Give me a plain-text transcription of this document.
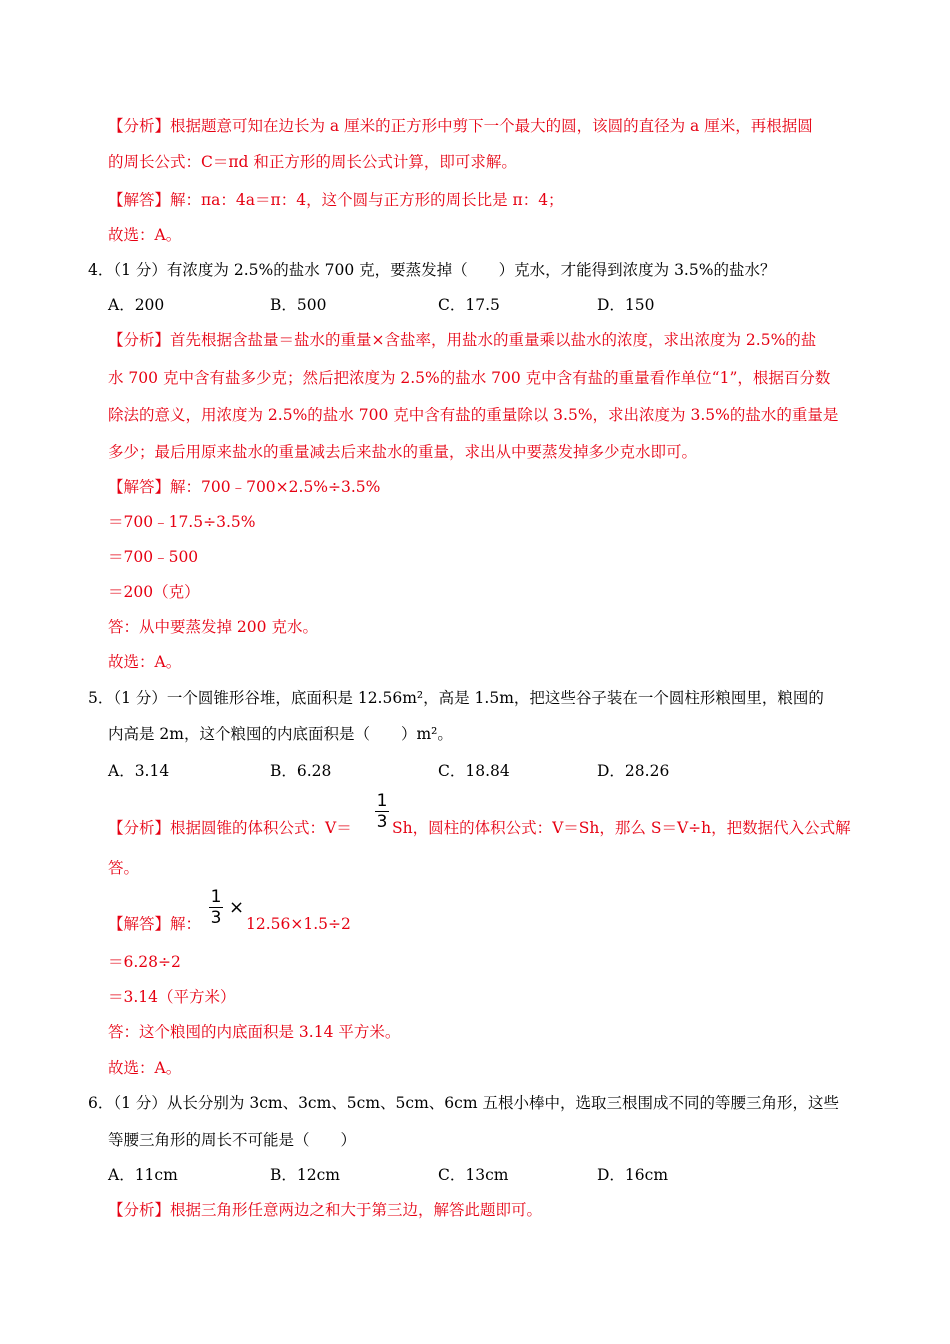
【分析】根据题意可知在边长为 a 厘米的正方形中剪下一个最大的圆，该圆的直径为 a 厘米，再根据圆
的周长公式：C＝πd 和正方形的周长公式计算，即可求解。
【解答】解：πa：4a＝π：4，这个圆与正方形的周长比是 π：4；
故选：A。
4．（1 分）有浓度为 2.5%的盐水 700 克，要蒸发掉（　　）克水，才能得到浓度为 3.5%的盐水？
A．200	B．500	C．17.5	D．150
【分析】首先根据含盐量＝盐水的重量×含盐率，用盐水的重量乘以盐水的浓度，求出浓度为 2.5%的盐
水 700 克中含有盐多少克；然后把浓度为 2.5%的盐水 700 克中含有盐的重量看作单位“1”，根据百分数
除法的意义，用浓度为 2.5%的盐水 700 克中含有盐的重量除以 3.5%，求出浓度为 3.5%的盐水的重量是
多少；最后用原来盐水的重量减去后来盐水的重量，求出从中要蒸发掉多少克水即可。
【解答】解：700﹣700×2.5%÷3.5%
＝700﹣17.5÷3.5%
＝700﹣500
＝200（克）
答：从中要蒸发掉 200 克水。
故选：A。
5．（1 分）一个圆锥形谷堆，底面积是 12.56m²，高是 1.5m，把这些谷子装在一个圆柱形粮囤里，粮囤的
内高是 2m，这个粮囤的内底面积是（　　）m²。
A．3.14	B．6.28	C．18.84	D．28.26
【分析】根据圆锥的体积公式：V＝
1
3 Sh，圆柱的体积公式：V＝Sh，那么 S＝V÷h，把数据代入公式解
答。
【解答】解：
1
3 ×
12.56×1.5÷2
＝6.28÷2
＝3.14（平方米）
答：这个粮囤的内底面积是 3.14 平方米。
故选：A。
6．（1 分）从长分别为 3cm、3cm、5cm、5cm、6cm 五根小棒中，选取三根围成不同的等腰三角形，这些
等腰三角形的周长不可能是（　　）
A．11cm	B．12cm	C．13cm	D．16cm
【分析】根据三角形任意两边之和大于第三边，解答此题即可。
